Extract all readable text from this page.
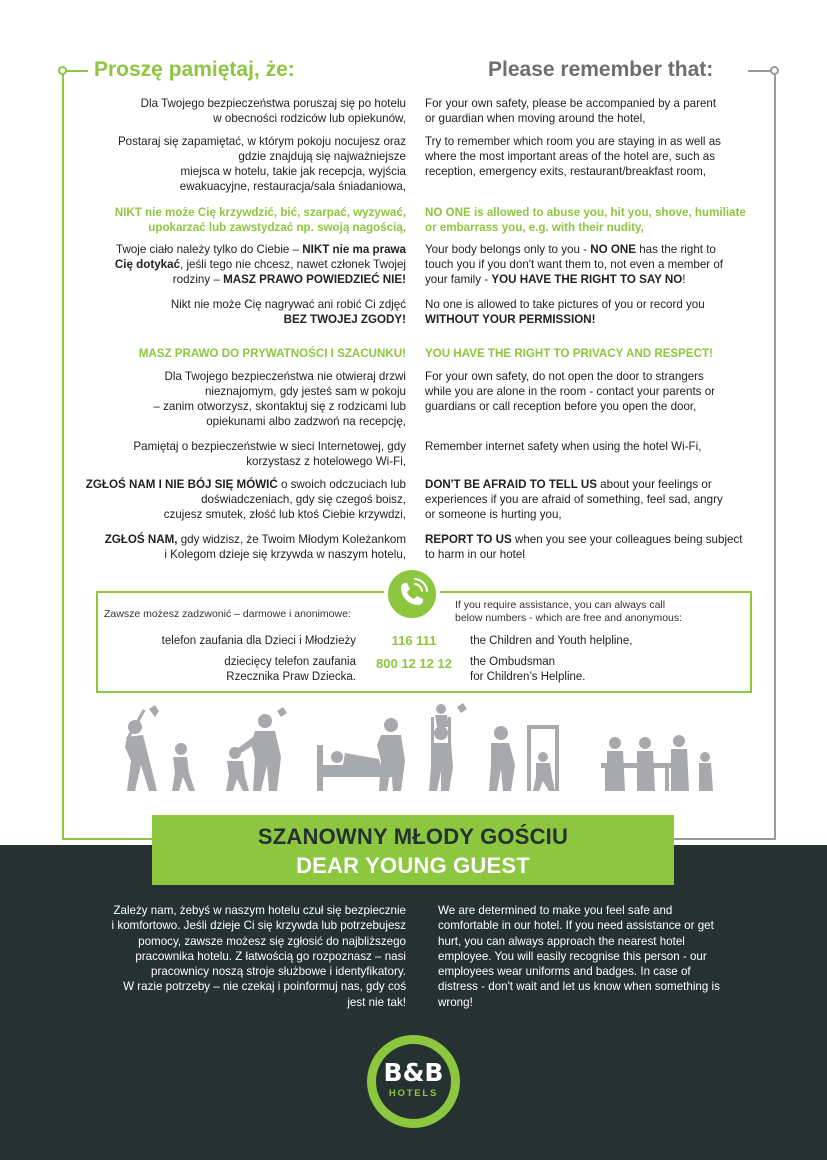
Proszę pamiętaj, że:	Please remember that:
Dla Twojego bezpieczeństwa poruszaj się po hotelu
w obecności rodziców lub opiekunów,
Postaraj się zapamiętać, w którym pokoju nocujesz oraz
gdzie znajdują się najważniejsze
miejsca w hotelu, takie jak recepcja, wyjścia
ewakuacyjne, restauracja/sala śniadaniowa,
NIKT nie może Cię krzywdzić, bić, szarpać, wyzywać,
upokarzać lub zawstydzać np. swoją nagością,
Twoje ciało należy tylko do Ciebie – NIKT nie ma prawa
Cię dotykać, jeśli tego nie chcesz, nawet członek Twojej
rodziny – MASZ PRAWO POWIEDZIEĆ NIE!
Nikt nie może Cię nagrywać ani robić Ci zdjęć
BEZ TWOJEJ ZGODY!
MASZ PRAWO DO PRYWATNOŚCI I SZACUNKU!
Dla Twojego bezpieczeństwa nie otwieraj drzwi
nieznajomym, gdy jesteś sam w pokoju
– zanim otworzysz, skontaktuj się z rodzicami lub
opiekunami albo zadzwoń na recepcję,
Pamiętaj o bezpieczeństwie w sieci Internetowej, gdy
korzystasz z hotelowego Wi-Fi,
ZGŁOŚ NAM I NIE BÓJ SIĘ MÓWIĆ o swoich odczuciach lub
doświadczeniach, gdy się czegoś boisz,
czujesz smutek, złość lub ktoś Ciebie krzywdzi,
ZGŁOŚ NAM, gdy widzisz, że Twoim Młodym Koleżankom
i Kolegom dzieje się krzywda w naszym hotelu,
For your own safety, please be accompanied by a parent
or guardian when moving around the hotel,
Try to remember which room you are staying in as well as
where the most important areas of the hotel are, such as
reception, emergency exits, restaurant/breakfast room,
NO ONE is allowed to abuse you, hit you, shove, humiliate
or embarrass you, e.g. with their nudity,
Your body belongs only to you - NO ONE has the right to
touch you if you don't want them to, not even a member of
your family - YOU HAVE THE RIGHT TO SAY NO!
No one is allowed to take pictures of you or record you
WITHOUT YOUR PERMISSION!
YOU HAVE THE RIGHT TO PRIVACY AND RESPECT!
For your own safety, do not open the door to strangers
while you are alone in the room - contact your parents or
guardians or call reception before you open the door,
Remember internet safety when using the hotel Wi-Fi,
DON'T BE AFRAID TO TELL US about your feelings or
experiences if you are afraid of something, feel sad, angry
or someone is hurting you,
REPORT TO US when you see your colleagues being subject
to harm in our hotel
Zawsze możesz zadzwonić – darmowe i anonimowe:
If you require assistance, you can always call
below numbers - which are free and anonymous:
telefon zaufania dla Dzieci i Młodzieży	116 111	the Children and Youth helpline,
dziecięcy telefon zaufania
Rzecznika Praw Dziecka.
800 12 12 12	the Ombudsman
for Children’s Helpline.
SZANOWNY MŁODY GOŚCIU
DEAR YOUNG GUEST
Zależy nam, żebyś w naszym hotelu czuł się bezpiecznie
i komfortowo. Jeśli dzieje Ci się krzywda lub potrzebujesz
pomocy, zawsze możesz się zgłosić do najbliższego
pracownika hotelu. Z łatwością go rozpoznasz – nasi
pracownicy noszą stroje służbowe i identyfikatory.
W razie potrzeby – nie czekaj i poinformuj nas, gdy coś
jest nie tak!
We are determined to make you feel safe and
comfortable in our hotel. If you need assistance or get
hurt, you can always approach the nearest hotel
employee. You will easily recognise this person - our
employees wear uniforms and badges. In case of
distress - don't wait and let us know when something is
wrong!
B&B
HOTELS
